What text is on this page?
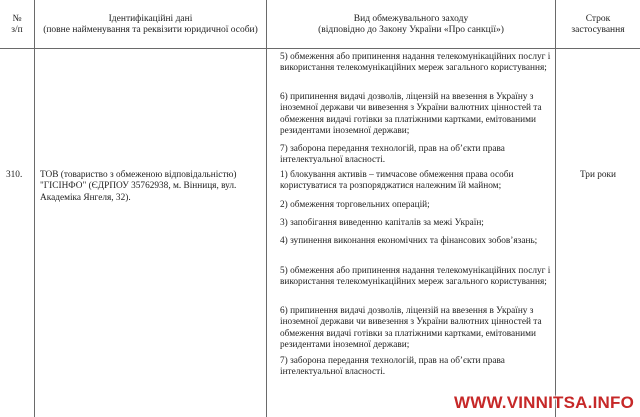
№
з/п
Ідентифікаційні дані
(повне найменування та реквізити юридичної особи)
Вид обмежувального заходу
(відповідно до Закону України «Про санкції»)
Строк
застосування
5) обмеження або припинення надання телекомунікаційних послуг і використання телекомунікаційних мереж загального користування;
6) припинення видачі дозволів, ліцензій на ввезення в Україну з іноземної держави чи вивезення з України валютних цінностей та обмеження видачі готівки за платіжними картками, емітованими резидентами іноземної держави;
7) заборона передання технологій, прав на об’єкти права інтелектуальної власності.
310.	ТОВ (товариство з обмеженою відповідальністю) "ГІСІНФО" (ЄДРПОУ 35762938, м. Вінниця, вул. Академіка Янгеля, 32).
Три роки
1) блокування активів – тимчасове обмеження права особи користуватися та розпоряджатися належним їй майном;
2) обмеження торговельних операцій;
3) запобігання виведенню капіталів за межі Україн;
4) зупинення виконання економічних та фінансових зобов’язань;
5) обмеження або припинення надання телекомунікаційних послуг і використання телекомунікаційних мереж загального користування;
6) припинення видачі дозволів, ліцензій на ввезення в Україну з іноземної держави чи вивезення з України валютних цінностей та обмеження видачі готівки за платіжними картками, емітованими резидентами іноземної держави;
7) заборона передання технологій, прав на об’єкти права інтелектуальної власності.
WWW.VINNITSA.INFO
